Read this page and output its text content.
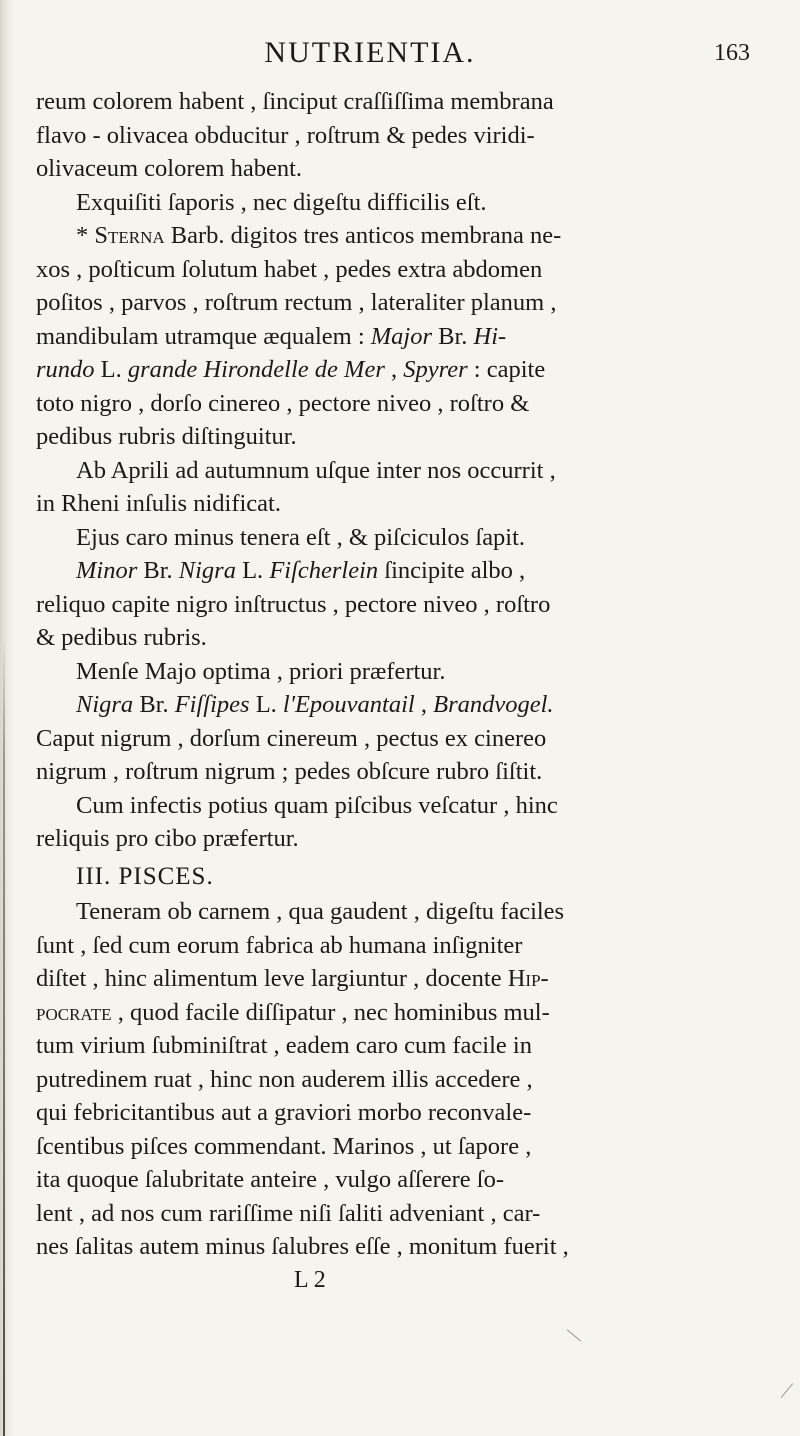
NUTRIENTIA.	163

reum colorem habent , ſinciput craſſiſſima membrana
flavo - olivacea obducitur , roſtrum & pedes viridi-
olivaceum colorem habent.

Exquiſiti ſaporis , nec digeſtu difficilis eſt.

* Sterna Barb. digitos tres anticos membrana ne-
xos , poſticum ſolutum habet , pedes extra abdomen
poſitos , parvos , roſtrum rectum , lateraliter planum ,
mandibulam utramque æqualem : Major Br. Hi-
rundo L. grande Hirondelle de Mer , Spyrer : capite
toto nigro , dorſo cinereo , pectore niveo , roſtro &
pedibus rubris diſtinguitur.

Ab Aprili ad autumnum uſque inter nos occurrit ,
in Rheni inſulis nidificat.

Ejus caro minus tenera eſt , & piſciculos ſapit.

Minor Br. Nigra L. Fiſcherlein ſincipite albo ,
reliquo capite nigro inſtructus , pectore niveo , roſtro
& pedibus rubris.

Menſe Majo optima , priori præfertur.

Nigra Br. Fiſſipes L. l'Epouvantail , Brandvogel.
Caput nigrum , dorſum cinereum , pectus ex cinereo
nigrum , roſtrum nigrum ; pedes obſcure rubro ſiſtit.

Cum infectis potius quam piſcibus veſcatur , hinc
reliquis pro cibo præfertur.

III. PISCES.

Teneram ob carnem , qua gaudent , digeſtu faciles
ſunt , ſed cum eorum fabrica ab humana inſigniter
diſtet , hinc alimentum leve largiuntur , docente Hip-
pocrate , quod facile diſſipatur , nec hominibus mul-
tum virium ſubminiſtrat , eadem caro cum facile in
putredinem ruat , hinc non auderem illis accedere ,
qui febricitantibus aut a graviori morbo reconvale-
ſcentibus piſces commendant. Marinos , ut ſapore ,
ita quoque ſalubritate anteire , vulgo aſſerere ſo-
lent , ad nos cum rariſſime niſi ſaliti adveniant , car-
nes ſalitas autem minus ſalubres eſſe , monitum fuerit ,

L 2
